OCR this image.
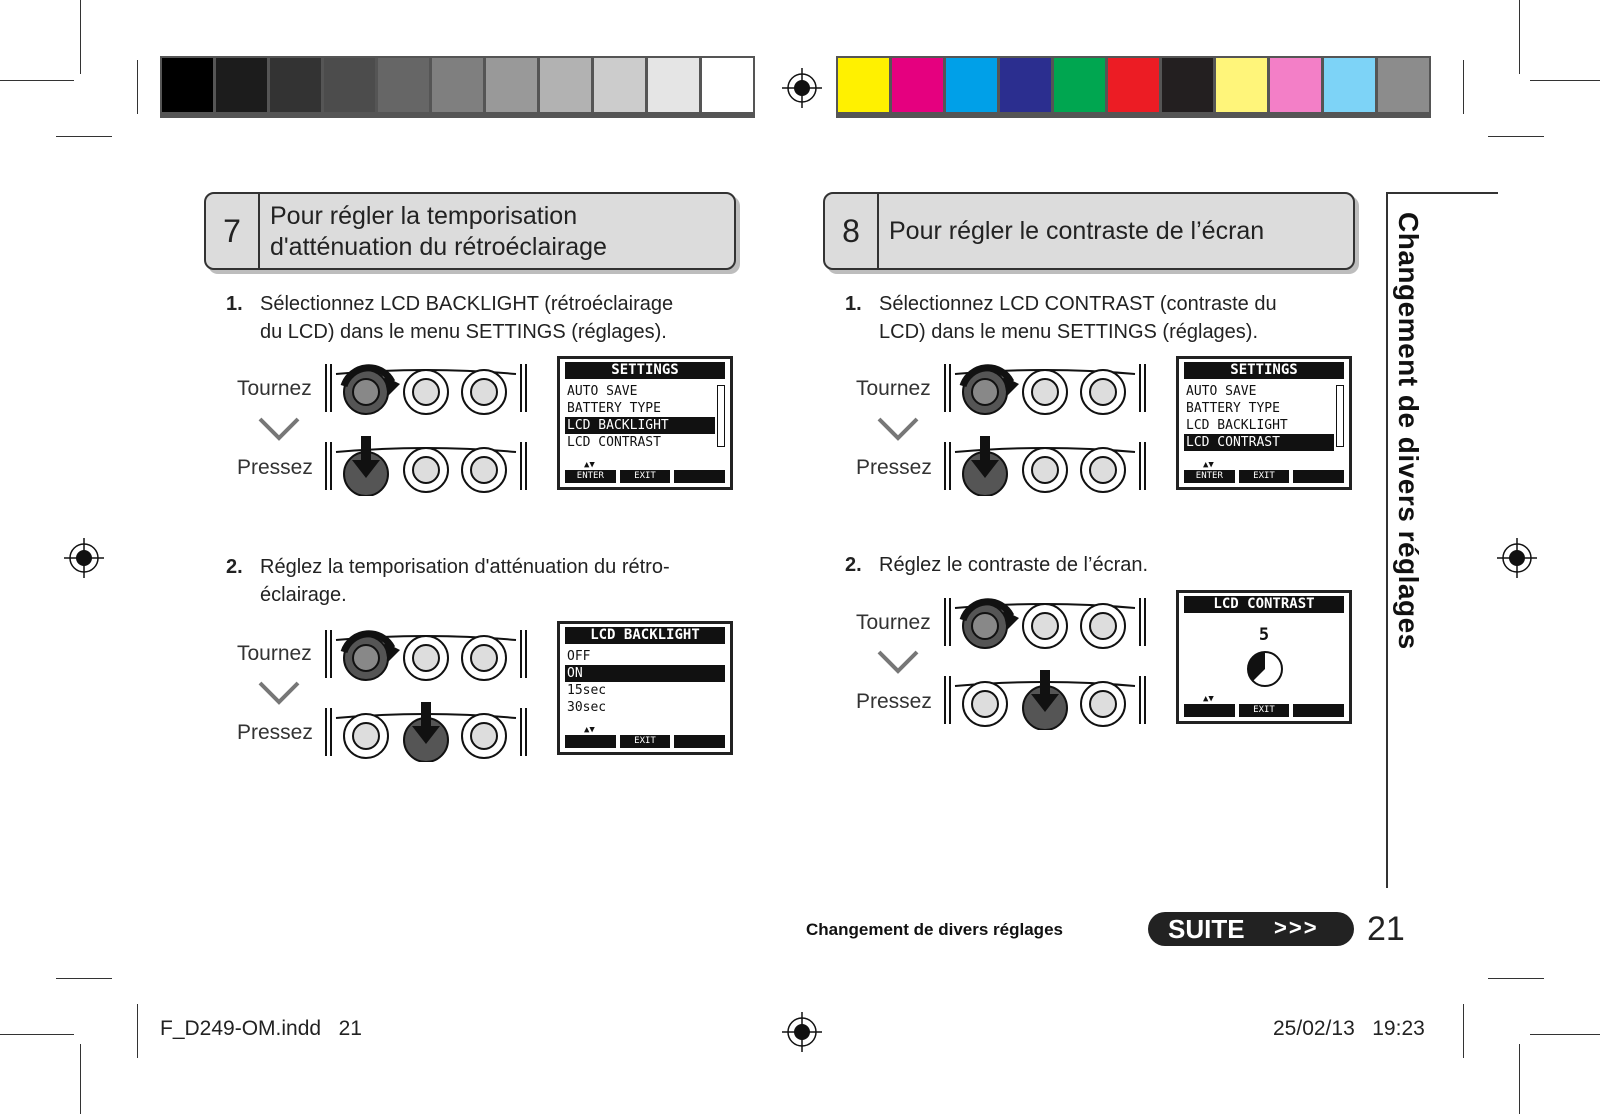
7	Pour régler la temporisation
d'atténuation du rétroéclairage	8	Pour régler le contraste de l’écran
1. Sélectionnez LCD BACKLIGHT (rétroéclairage
du LCD) dans le menu SETTINGS (réglages).
2. Réglez la temporisation d'atténuation du rétro-
éclairage.
1. Sélectionnez LCD CONTRAST (contraste du
LCD) dans le menu SETTINGS (réglages).
2. Réglez le contraste de l’écran.
Tournez
Pressez
Tournez
Pressez
Tournez
Pressez
Tournez
Pressez
SETTINGS
AUTO SAVE
BATTERY TYPE
LCD BACKLIGHT
LCD CONTRAST
▲▼
ENTER	EXIT
LCD BACKLIGHT
OFF
ON
15sec
30sec
▲▼
EXIT
SETTINGS
AUTO SAVE
BATTERY TYPE
LCD BACKLIGHT
LCD CONTRAST
▲▼
ENTER	EXIT
LCD CONTRAST
5
▲▼
EXIT
Changement de divers réglages
Changement de divers réglages	SUITE >>> 21
F_D249-OM.indd   21	25/02/13   19:23
